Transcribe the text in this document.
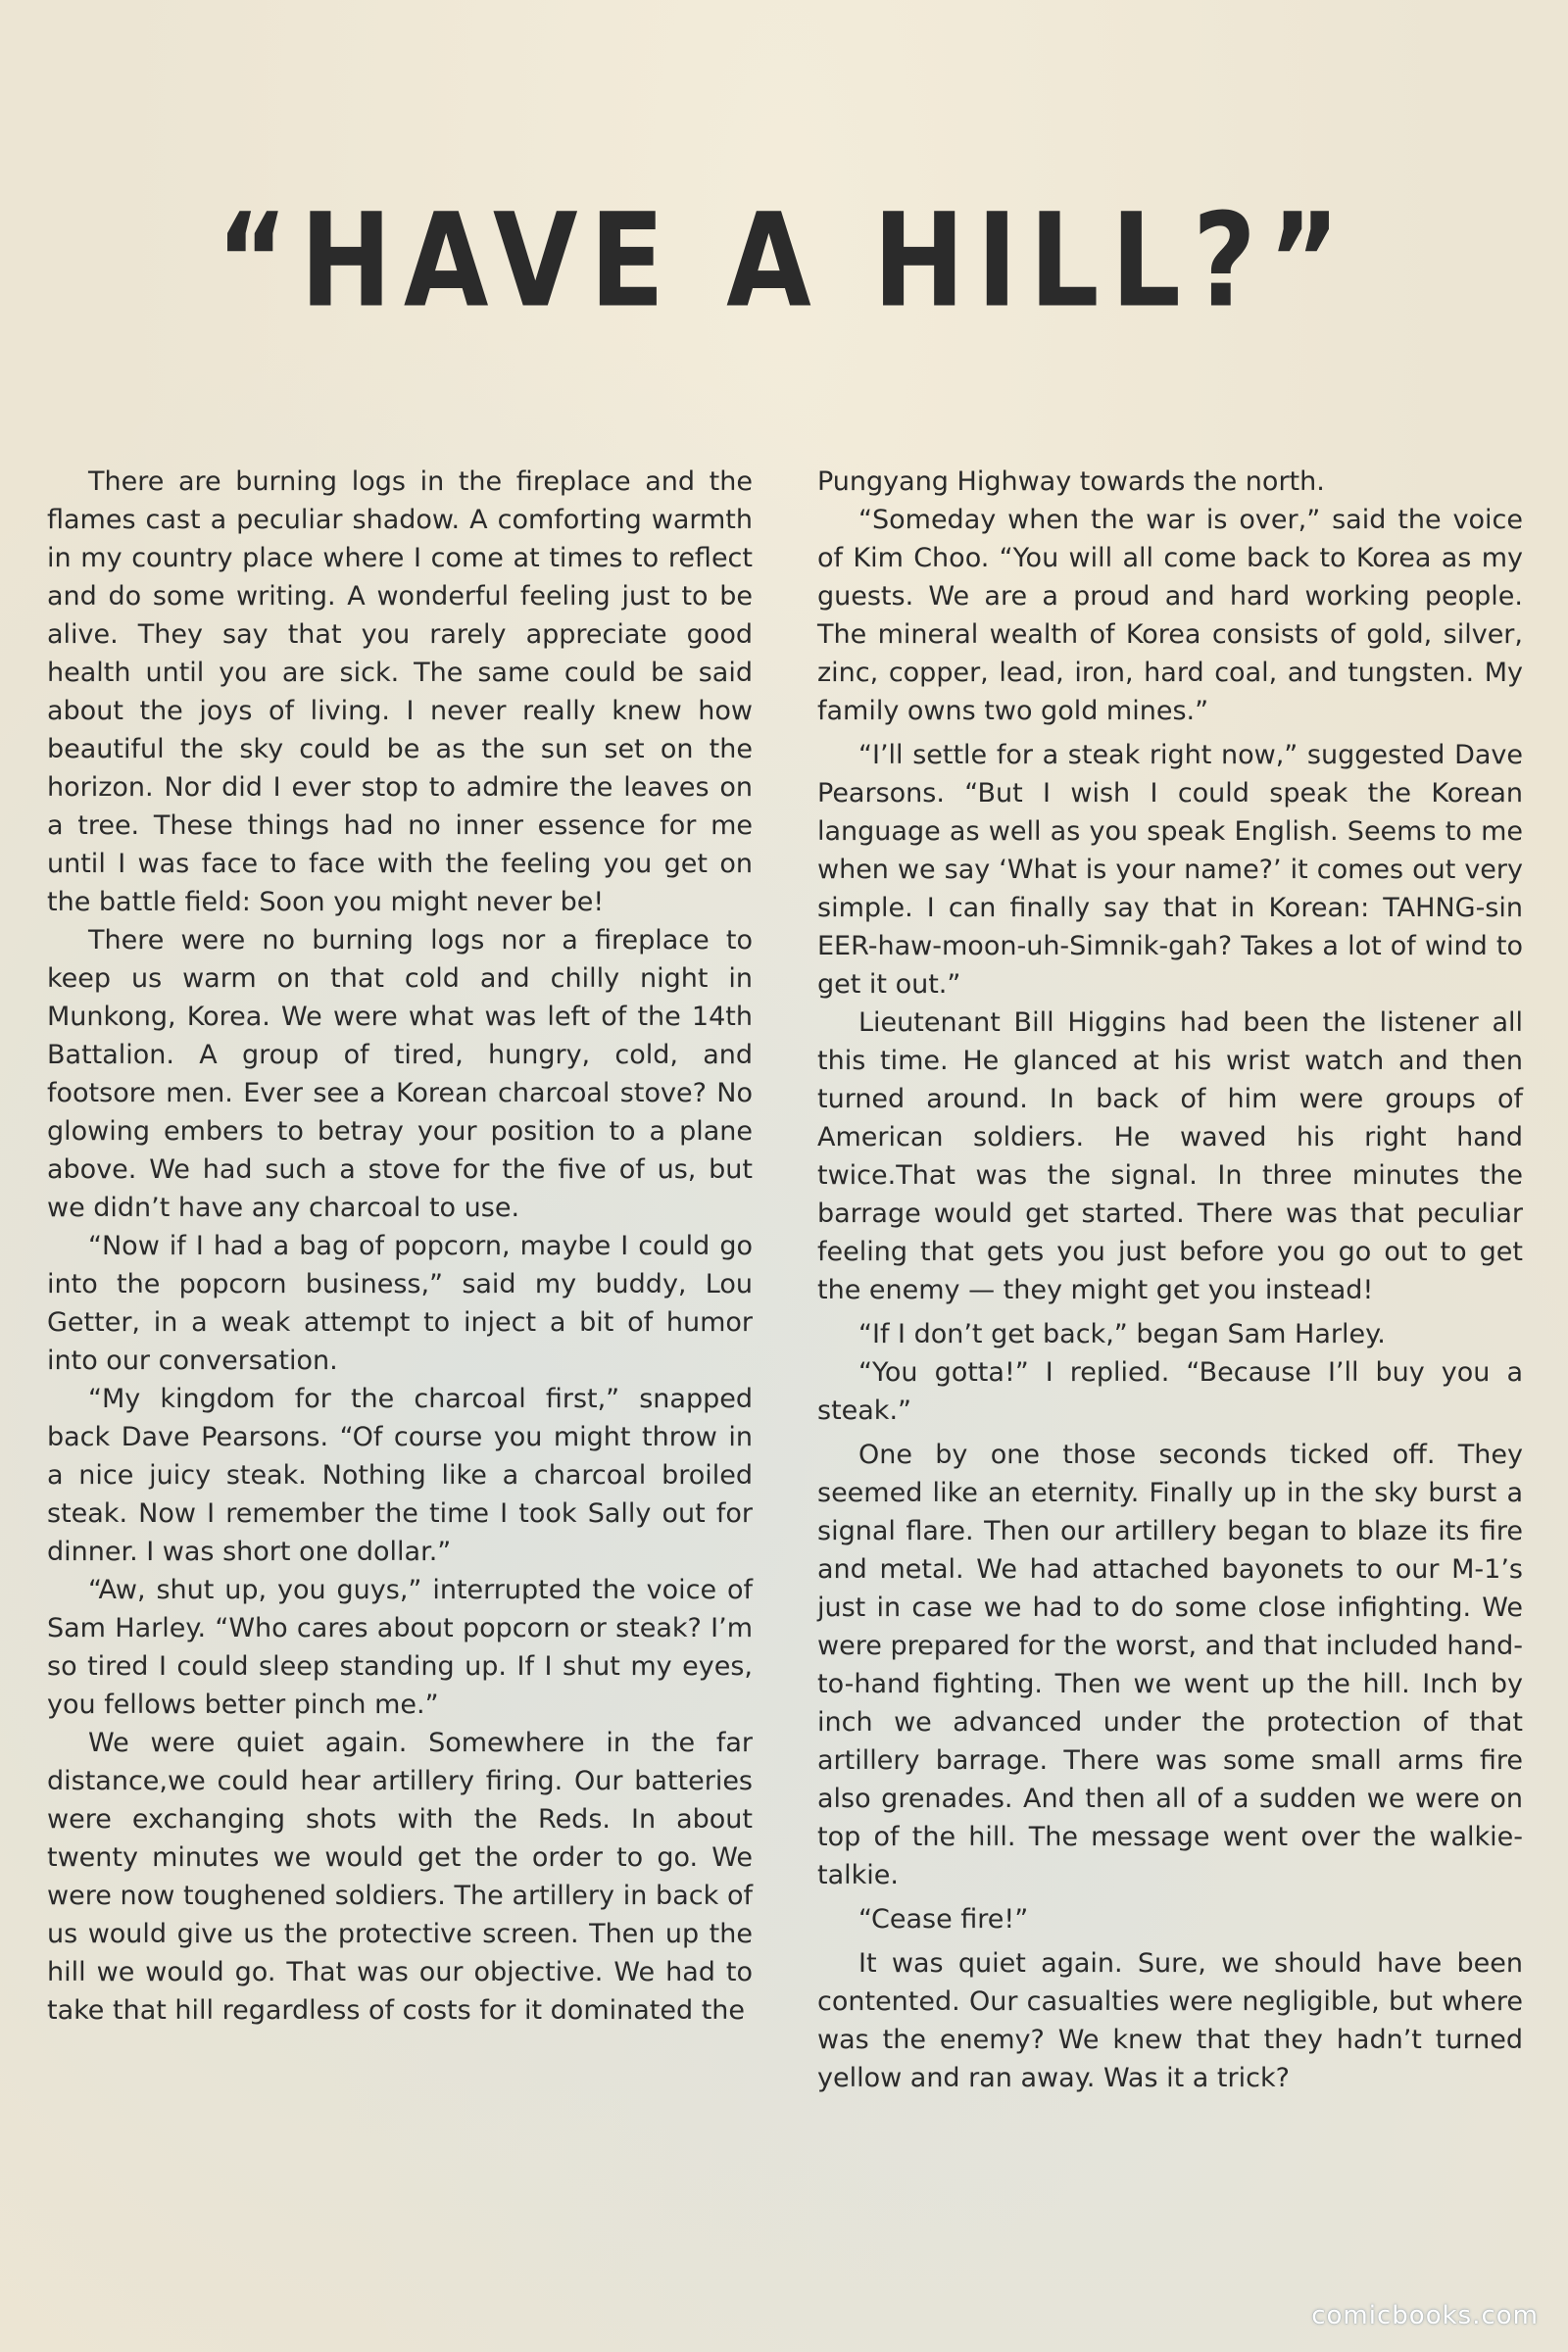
“HAVE A HILL?”

There are burning logs in the fireplace and the flames cast a peculiar shadow. A comforting warmth in my country place where I come at times to reflect and do some writing. A wonderful feeling just to be alive. They say that you rarely appreciate good health until you are sick. The same could be said about the joys of living. I never really knew how beautiful the sky could be as the sun set on the horizon. Nor did I ever stop to admire the leaves on a tree. These things had no inner essence for me until I was face to face with the feeling you get on the battle field: Soon you might never be!

There were no burning logs nor a fireplace to keep us warm on that cold and chilly night in Munkong, Korea. We were what was left of the 14th Battalion. A group of tired, hungry, cold, and footsore men. Ever see a Korean charcoal stove? No glowing embers to betray your position to a plane above. We had such a stove for the five of us, but we didn’t have any charcoal to use.

“Now if I had a bag of popcorn, maybe I could go into the popcorn business,” said my buddy, Lou Getter, in a weak attempt to inject a bit of humor into our conversation.

“My kingdom for the charcoal first,” snapped back Dave Pearsons. “Of course you might throw in a nice juicy steak. Nothing like a charcoal broiled steak. Now I remember the time I took Sally out for dinner. I was short one dollar.”

“Aw, shut up, you guys,” interrupted the voice of Sam Harley. “Who cares about popcorn or steak? I’m so tired I could sleep standing up. If I shut my eyes, you fellows better pinch me.”

We were quiet again. Somewhere in the far distance,we could hear artillery firing. Our batteries were exchanging shots with the Reds. In about twenty minutes we would get the order to go. We were now toughened soldiers. The artillery in back of us would give us the protective screen. Then up the hill we would go. That was our objective. We had to take that hill regardless of costs for it dominated the

Pungyang Highway towards the north.

“Someday when the war is over,” said the voice of Kim Choo. “You will all come back to Korea as my guests. We are a proud and hard working people. The mineral wealth of Korea consists of gold, silver, zinc, copper, lead, iron, hard coal, and tungsten. My family owns two gold mines.”

“I’ll settle for a steak right now,” suggested Dave Pearsons. “But I wish I could speak the Korean language as well as you speak English. Seems to me when we say ‘What is your name?’ it comes out very simple. I can finally say that in Korean: TAHNG-sin EER-haw-moon-uh-Simnik-gah? Takes a lot of wind to get it out.”

Lieutenant Bill Higgins had been the listener all this time. He glanced at his wrist watch and then turned around. In back of him were groups of American soldiers. He waved his right hand twice.That was the signal. In three minutes the barrage would get started. There was that peculiar feeling that gets you just before you go out to get the enemy — they might get you instead!

“If I don’t get back,” began Sam Harley.

“You gotta!” I replied. “Because I’ll buy you a steak.”

One by one those seconds ticked off. They seemed like an eternity. Finally up in the sky burst a signal flare. Then our artillery began to blaze its fire and metal. We had attached bayonets to our M-1’s just in case we had to do some close infighting. We were prepared for the worst, and that included hand-to-hand fighting. Then we went up the hill. Inch by inch we advanced under the protection of that artillery barrage. There was some small arms fire also grenades. And then all of a sudden we were on top of the hill. The message went over the walkie-talkie.

“Cease fire!”

It was quiet again. Sure, we should have been contented. Our casualties were negligible, but where was the enemy? We knew that they hadn’t turned yellow and ran away. Was it a trick?

comicbooks.com
